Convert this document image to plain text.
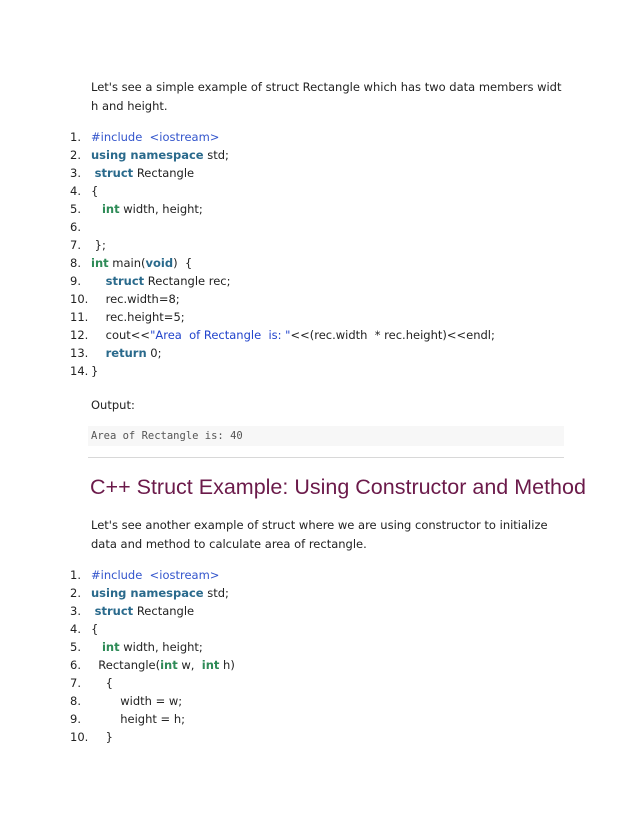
Let's see a simple example of struct Rectangle which has two data members widt h and height.
1. #include  <iostream>
2. using namespace std;
3. struct Rectangle
4. {
5. int width, height;
6.
7. };
8. int main(void)  {
9. struct Rectangle rec;
10.    rec.width=8;
11.    rec.height=5;
12.    cout<<"Area  of Rectangle  is: "<<(rec.width  * rec.height)<<endl;
13. return 0;
14. }
Output:
Area of Rectangle is: 40
C++ Struct Example: Using Constructor and Method
Let's see another example of struct where we are using constructor to initialize data and method to calculate area of rectangle.
1. #include  <iostream>
2. using namespace std;
3. struct Rectangle
4. {
5. int width, height;
6.  Rectangle(int w,  int h)
7.    {
8.        width = w;
9.        height = h;
10.    }
